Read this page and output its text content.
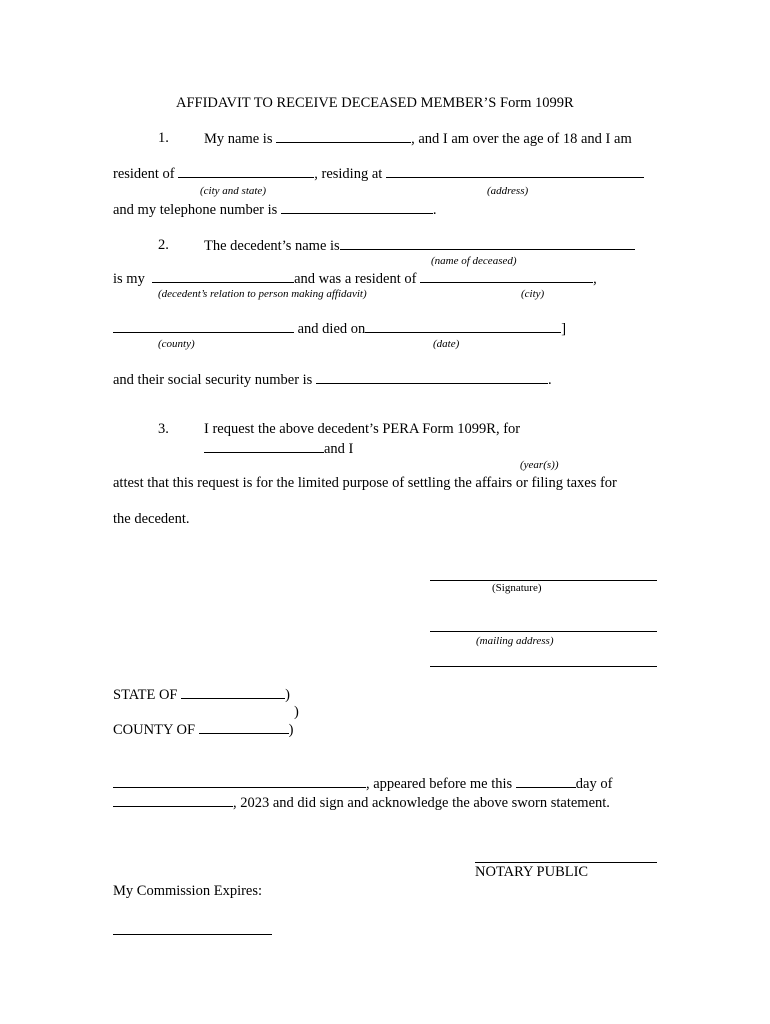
AFFIDAVIT TO RECEIVE DECEASED MEMBER’S Form 1099R
1. My name is	, and I am over the age of 18 and I am
resident of	, residing at
(city and state)	(address)
and my telephone number is	.
2. The decedent’s name is
(name of deceased)
is my	and was a resident of	,
(decedent’s relation to person making affidavit)	(city)
and died on	]
(county)	(date)
and their social security number is	.
3. I request the above decedent’s PERA Form 1099R, for
and I
(year(s))
attest that this request is for the limited purpose of settling the affairs or filing taxes for
the decedent.
(Signature)
(mailing address)
STATE OF	)
)
COUNTY OF	)
, appeared before me this	day of
, 2023 and did sign and acknowledge the above sworn statement.
NOTARY PUBLIC
My Commission Expires:
